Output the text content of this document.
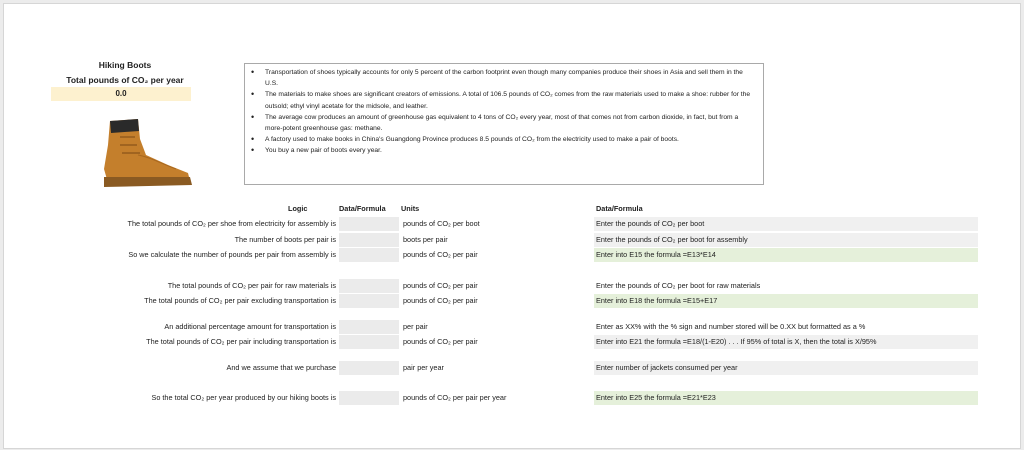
Hiking Boots
Total pounds of CO₂ per year
0.0
• Transportation of shoes typically accounts for only 5 percent of the carbon footprint even though many companies produce their shoes in Asia and sell them in the U.S.
• The materials to make shoes are significant creators of emissions. A total of 106.5 pounds of CO₂ comes from the raw materials used to make a shoe: rubber for the outsold; ethyl vinyl acetate for the midsole, and leather.
• The average cow produces an amount of greenhouse gas equivalent to 4 tons of CO₂ every year, most of that comes not from carbon dioxide, in fact, but from a more-potent greenhouse gas: methane.
• A factory used to make books in China's Guangdong Province produces 8.5 pounds of CO₂ from the electricity used to make a pair of boots.
• You buy a new pair of boots every year.
Logic	Data/Formula Units	Data/Formula
The total pounds of CO₂ per shoe from electricity for assembly is	pounds of CO₂ per boot	Enter the pounds of CO₂ per boot
The number of boots per pair is	boots per pair	Enter the pounds of CO₂ per boot for assembly
So we calculate the number of pounds per pair from assembly is	pounds of CO₂ per pair	Enter into E15 the formula =E13*E14
The total pounds of CO₂ per pair for raw materials is	pounds of CO₂ per pair	Enter the pounds of CO₂ per boot for raw materials
The total pounds of CO₂ per pair excluding transportation is	pounds of CO₂ per pair	Enter into E18 the formula =E15+E17
An additional percentage amount for transportation is	per pair	Enter as XX% with the % sign and number stored will be 0.XX but formatted as a %
The total pounds of CO₂ per pair including transportation is	pounds of CO₂ per pair	Enter into E21 the formula =E18/(1-E20) . . . If 95% of total is X, then the total is X/95%
And we assume that we purchase	pair per year	Enter number of jackets consumed per year
So the total CO₂ per year produced by our hiking boots is	pounds of CO₂ per pair per year	Enter into E25 the formula =E21*E23
